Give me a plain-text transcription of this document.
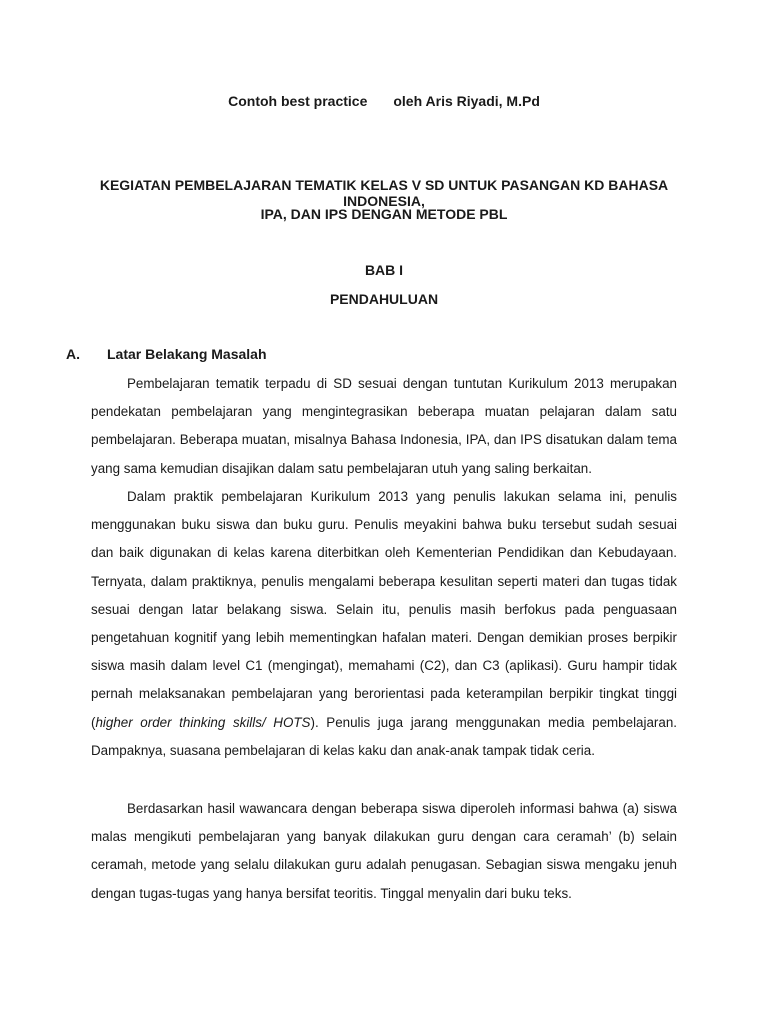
Contoh best practice oleh Aris Riyadi, M.Pd
KEGIATAN PEMBELAJARAN TEMATIK KELAS V SD UNTUK PASANGAN KD BAHASA INDONESIA,
IPA, DAN IPS DENGAN METODE PBL
BAB I
PENDAHULUAN
A. Latar Belakang Masalah

Pembelajaran tematik terpadu di SD sesuai dengan tuntutan Kurikulum 2013 merupakan pendekatan pembelajaran yang mengintegrasikan beberapa muatan pelajaran dalam satu pembelajaran. Beberapa muatan, misalnya Bahasa Indonesia, IPA, dan IPS disatukan dalam tema yang sama kemudian disajikan dalam satu pembelajaran utuh yang saling berkaitan.

Dalam praktik pembelajaran Kurikulum 2013 yang penulis lakukan selama ini, penulis menggunakan buku siswa dan buku guru. Penulis meyakini bahwa buku tersebut sudah sesuai dan baik digunakan di kelas karena diterbitkan oleh Kementerian Pendidikan dan Kebudayaan. Ternyata, dalam praktiknya, penulis mengalami beberapa kesulitan seperti materi dan tugas tidak sesuai dengan latar belakang siswa. Selain itu, penulis masih berfokus pada penguasaan pengetahuan kognitif yang lebih mementingkan hafalan materi. Dengan demikian proses berpikir siswa masih dalam level C1 (mengingat), memahami (C2), dan C3 (aplikasi). Guru hampir tidak pernah melaksanakan pembelajaran yang berorientasi pada keterampilan berpikir tingkat tinggi (higher order thinking skills/ HOTS). Penulis juga jarang menggunakan media pembelajaran. Dampaknya, suasana pembelajaran di kelas kaku dan anak-anak tampak tidak ceria.

Berdasarkan hasil wawancara dengan beberapa siswa diperoleh informasi bahwa (a) siswa malas mengikuti pembelajaran yang banyak dilakukan guru dengan cara ceramah’ (b) selain ceramah, metode yang selalu dilakukan guru adalah penugasan. Sebagian siswa mengaku jenuh dengan tugas-tugas yang hanya bersifat teoritis. Tinggal menyalin dari buku teks.
